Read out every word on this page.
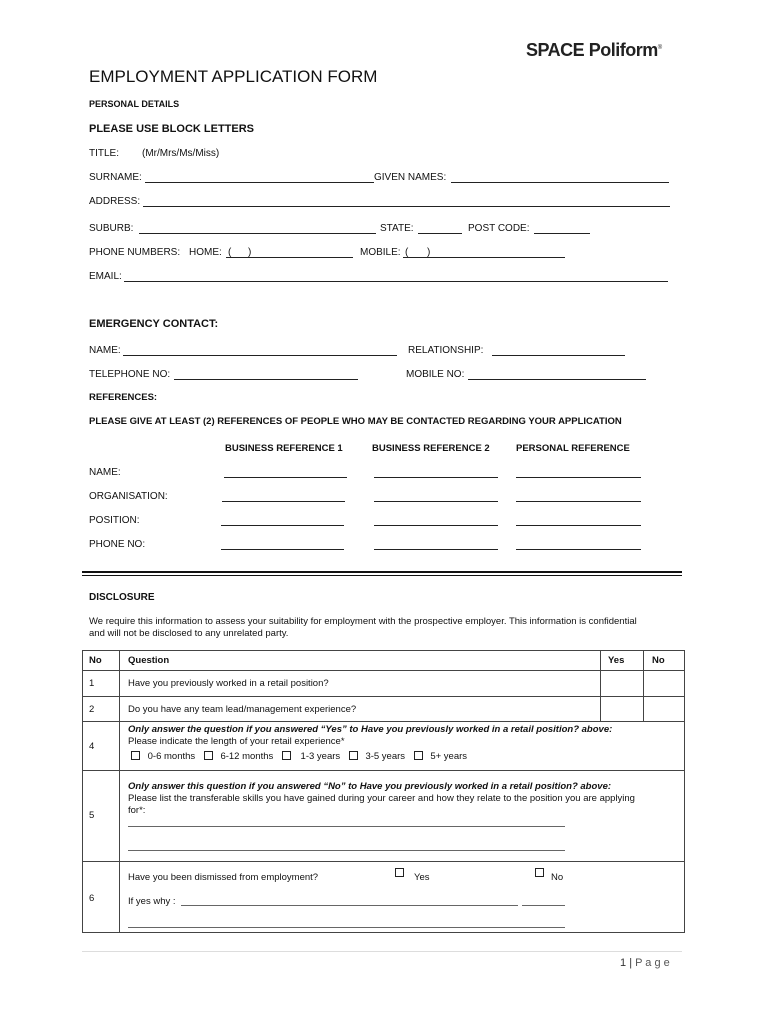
SPACE Poliform®
EMPLOYMENT APPLICATION FORM
PERSONAL DETAILS
PLEASE USE BLOCK LETTERS
TITLE: (Mr/Mrs/Ms/Miss)
SURNAME:	GIVEN NAMES:
ADDRESS:
SUBURB:	STATE:	POST CODE:
PHONE NUMBERS: HOME: ( )	MOBILE: ( )
EMAIL:
EMERGENCY CONTACT:
NAME:	RELATIONSHIP:
TELEPHONE NO:	MOBILE NO:
REFERENCES:
PLEASE GIVE AT LEAST (2) REFERENCES OF PEOPLE WHO MAY BE CONTACTED REGARDING YOUR APPLICATION
BUSINESS REFERENCE 1	BUSINESS REFERENCE 2	PERSONAL REFERENCE
NAME:
ORGANISATION:
POSITION:
PHONE NO:
DISCLOSURE
We require this information to assess your suitability for employment with the prospective employer. This information is confidential
and will not be disclosed to any unrelated party.
No	Question	Yes	No
1	Have you previously worked in a retail position?
2	Do you have any team lead/management experience?
4
Only answer the question if you answered “Yes” to Have you previously worked in a retail position? above:
Please indicate the length of your retail experience*
0-6 months	6-12 months	1-3 years	3-5 years	5+ years
5
Only answer this question if you answered “No” to Have you previously worked in a retail position? above:
Please list the transferable skills you have gained during your career and how they relate to the position you are applying
for*:
6
Have you been dismissed from employment?	Yes	No
If yes why :
1 | P a g e
